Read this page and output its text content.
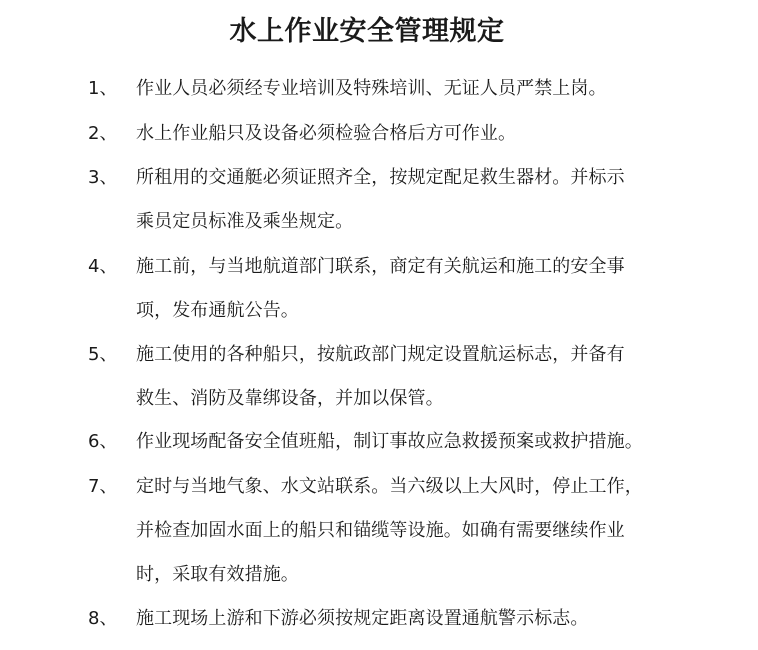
水上作业安全管理规定
1、 作业人员必须经专业培训及特殊培训、无证人员严禁上岗。
2、 水上作业船只及设备必须检验合格后方可作业。
3、 所租用的交通艇必须证照齐全，按规定配足救生器材。并标示
乘员定员标准及乘坐规定。
4、 施工前，与当地航道部门联系，商定有关航运和施工的安全事
项，发布通航公告。
5、 施工使用的各种船只，按航政部门规定设置航运标志，并备有
救生、消防及靠绑设备，并加以保管。
6、 作业现场配备安全值班船，制订事故应急救援预案或救护措施。
7、 定时与当地气象、水文站联系。当六级以上大风时，停止工作，
并检查加固水面上的船只和锚缆等设施。如确有需要继续作业
时，采取有效措施。
8、 施工现场上游和下游必须按规定距离设置通航警示标志。
